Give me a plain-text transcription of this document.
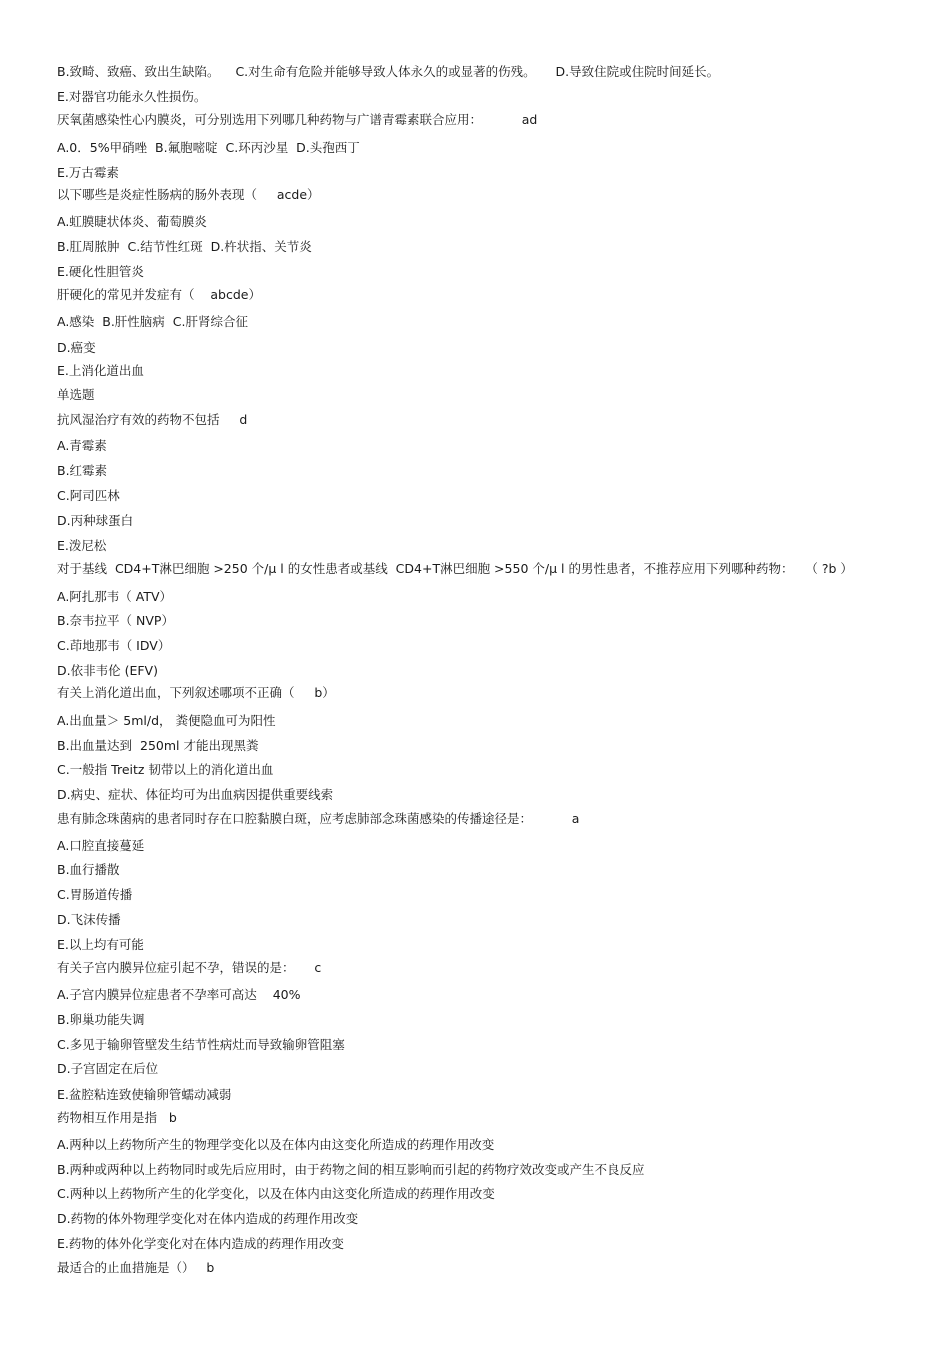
B.致畸、致癌、致出生缺陷。    C.对生命有危险并能够导致人体永久的或显著的伤残。     D.导致住院或住院时间延长。
E.对器官功能永久性损伤。
厌氧菌感染性心内膜炎，可分别选用下列哪几种药物与广谱青霉素联合应用：          ad
A.0．5%甲硝唑  B.氟胞嘧啶  C.环丙沙星  D.头孢西丁
E.万古霉素
以下哪些是炎症性肠病的肠外表现（     acde）
A.虹膜睫状体炎、葡萄膜炎
B.肛周脓肿  C.结节性红斑  D.杵状指、关节炎
E.硬化性胆管炎
肝硬化的常见并发症有（    abcde）
A.感染  B.肝性脑病  C.肝肾综合征
D.癌变
E.上消化道出血
单选题
抗风湿治疗有效的药物不包括     d
A.青霉素
B.红霉素
C.阿司匹林
D.丙种球蛋白
E.泼尼松
对于基线  CD4+T淋巴细胞 >250 个/μ l 的女性患者或基线  CD4+T淋巴细胞 >550 个/μ l 的男性患者，不推荐应用下列哪种药物：   （ ?b ）
A.阿扎那韦（ ATV）
B.奈韦拉平（ NVP）
C.茚地那韦（ IDV）
D.依非韦伦 (EFV)
有关上消化道出血，下列叙述哪项不正确（     b）
A.出血量＞ 5ml/d， 粪便隐血可为阳性
B.出血量达到  250ml 才能出现黑粪
C.一般指 Treitz 韧带以上的消化道出血
D.病史、症状、体征均可为出血病因提供重要线索
患有肺念珠菌病的患者同时存在口腔黏膜白斑，应考虑肺部念珠菌感染的传播途径是：          a
A.口腔直接蔓延
B.血行播散
C.胃肠道传播
D.飞沫传播
E.以上均有可能
有关子宫内膜异位症引起不孕，错误的是：     c
A.子宫内膜异位症患者不孕率可高达    40%
B.卵巢功能失调
C.多见于输卵管壁发生结节性病灶而导致输卵管阻塞
D.子宫固定在后位
E.盆腔粘连致使输卵管蠕动减弱
药物相互作用是指   b
A.两种以上药物所产生的物理学变化以及在体内由这变化所造成的药理作用改变
B.两种或两种以上药物同时或先后应用时，由于药物之间的相互影响而引起的药物疗效改变或产生不良反应
C.两种以上药物所产生的化学变化，以及在体内由这变化所造成的药理作用改变
D.药物的体外物理学变化对在体内造成的药理作用改变
E.药物的体外化学变化对在体内造成的药理作用改变
最适合的止血措施是（）   b
